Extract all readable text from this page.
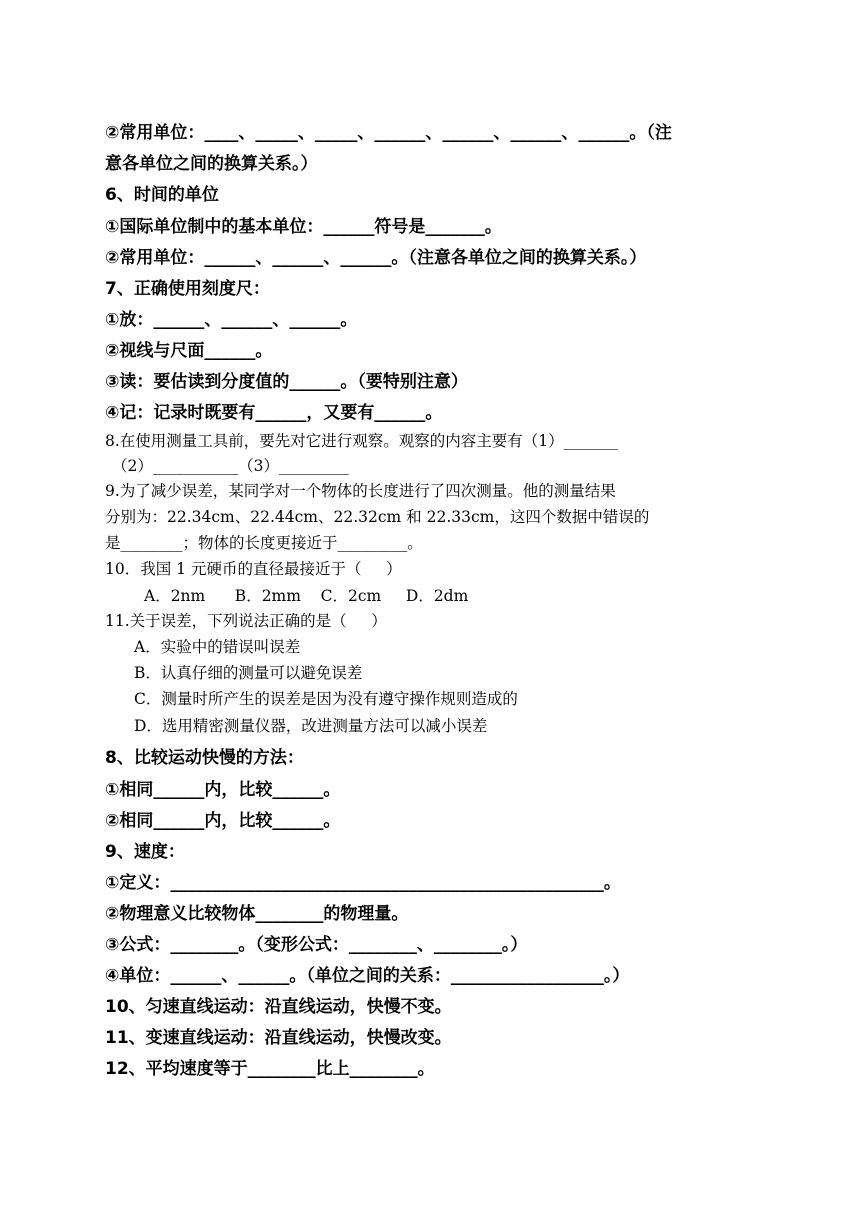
②常用单位：____、_____、_____、______、______、______、______。（注
意各单位之间的换算关系。）
6、时间的单位
①国际单位制中的基本单位：______符号是_______。
②常用单位：______、______、______。（注意各单位之间的换算关系。）
7、正确使用刻度尺：
①放：______、______、______。
②视线与尺面______。
③读：要估读到分度值的______。（要特别注意）
④记：记录时既要有______，又要有______。
8.在使用测量工具前，要先对它进行观察。观察的内容主要有（1）_______
（2）___________（3）_________
9.为了减少误差，某同学对一个物体的长度进行了四次测量。他的测量结果
分别为：22.34cm、22.44cm、22.32cm 和 22.33cm，这四个数据中错误的
是________；物体的长度更接近于_________。
10．我国 1 元硬币的直径最接近于（     ）
A．2nm      B．2mm    C．2cm     D．2dm
11.关于误差，下列说法正确的是（     ）
A．实验中的错误叫误差
B．认真仔细的测量可以避免误差
C．测量时所产生的误差是因为没有遵守操作规则造成的
D．选用精密测量仪器，改进测量方法可以减小误差
8、比较运动快慢的方法：
①相同______内，比较______。
②相同______内，比较______。
9、速度：
①定义：___________________________________________________。
②物理意义比较物体________的物理量。
③公式：________。（变形公式：________、________。）
④单位：______、______。（单位之间的关系：__________________。）
10、匀速直线运动：沿直线运动，快慢不变。
11、变速直线运动：沿直线运动，快慢改变。
12、平均速度等于________比上________。
